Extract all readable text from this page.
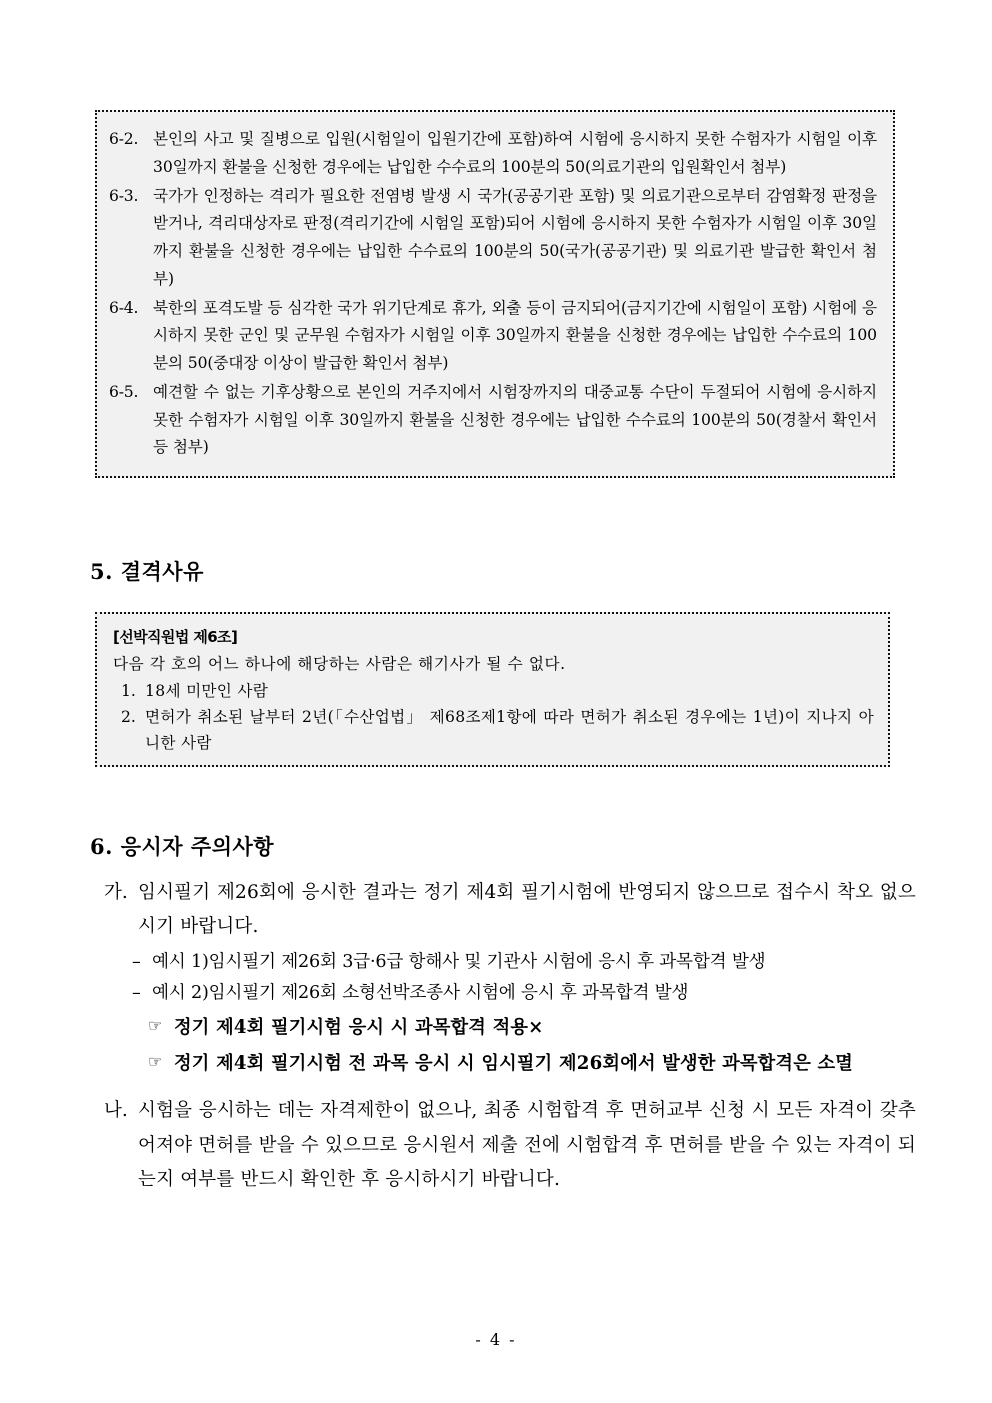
6-2. 본인의 사고 및 질병으로 입원(시험일이 입원기간에 포함)하여 시험에 응시하지 못한 수험자가 시험일 이후 30일까지 환불을 신청한 경우에는 납입한 수수료의 100분의 50(의료기관의 입원확인서 첨부)
6-3. 국가가 인정하는 격리가 필요한 전염병 발생 시 국가(공공기관 포함) 및 의료기관으로부터 감염확정 판정을 받거나, 격리대상자로 판정(격리기간에 시험일 포함)되어 시험에 응시하지 못한 수험자가 시험일 이후 30일까지 환불을 신청한 경우에는 납입한 수수료의 100분의 50(국가(공공기관) 및 의료기관 발급한 확인서 첨부)
6-4. 북한의 포격도발 등 심각한 국가 위기단계로 휴가, 외출 등이 금지되어(금지기간에 시험일이 포함) 시험에 응시하지 못한 군인 및 군무원 수험자가 시험일 이후 30일까지 환불을 신청한 경우에는 납입한 수수료의 100분의 50(중대장 이상이 발급한 확인서 첨부)
6-5. 예견할 수 없는 기후상황으로 본인의 거주지에서 시험장까지의 대중교통 수단이 두절되어 시험에 응시하지 못한 수험자가 시험일 이후 30일까지 환불을 신청한 경우에는 납입한 수수료의 100분의 50(경찰서 확인서 등 첨부)
5. 결격사유
[선박직원법 제6조]
다음 각 호의 어느 하나에 해당하는 사람은 해기사가 될 수 없다.
1. 18세 미만인 사람
2. 면허가 취소된 날부터 2년(「수산업법」 제68조제1항에 따라 면허가 취소된 경우에는 1년)이 지나지 아니한 사람
6. 응시자 주의사항
가. 임시필기 제26회에 응시한 결과는 정기 제4회 필기시험에 반영되지 않으므로 접수시 착오 없으시기 바랍니다.
– 예시 1)임시필기 제26회 3급·6급 항해사 및 기관사 시험에 응시 후 과목합격 발생
– 예시 2)임시필기 제26회 소형선박조종사 시험에 응시 후 과목합격 발생
☞ 정기 제4회 필기시험 응시 시 과목합격 적용×
☞ 정기 제4회 필기시험 전 과목 응시 시 임시필기 제26회에서 발생한 과목합격은 소멸
나. 시험을 응시하는 데는 자격제한이 없으나, 최종 시험합격 후 면허교부 신청 시 모든 자격이 갖추어져야 면허를 받을 수 있으므로 응시원서 제출 전에 시험합격 후 면허를 받을 수 있는 자격이 되는지 여부를 반드시 확인한 후 응시하시기 바랍니다.
- 4 -
